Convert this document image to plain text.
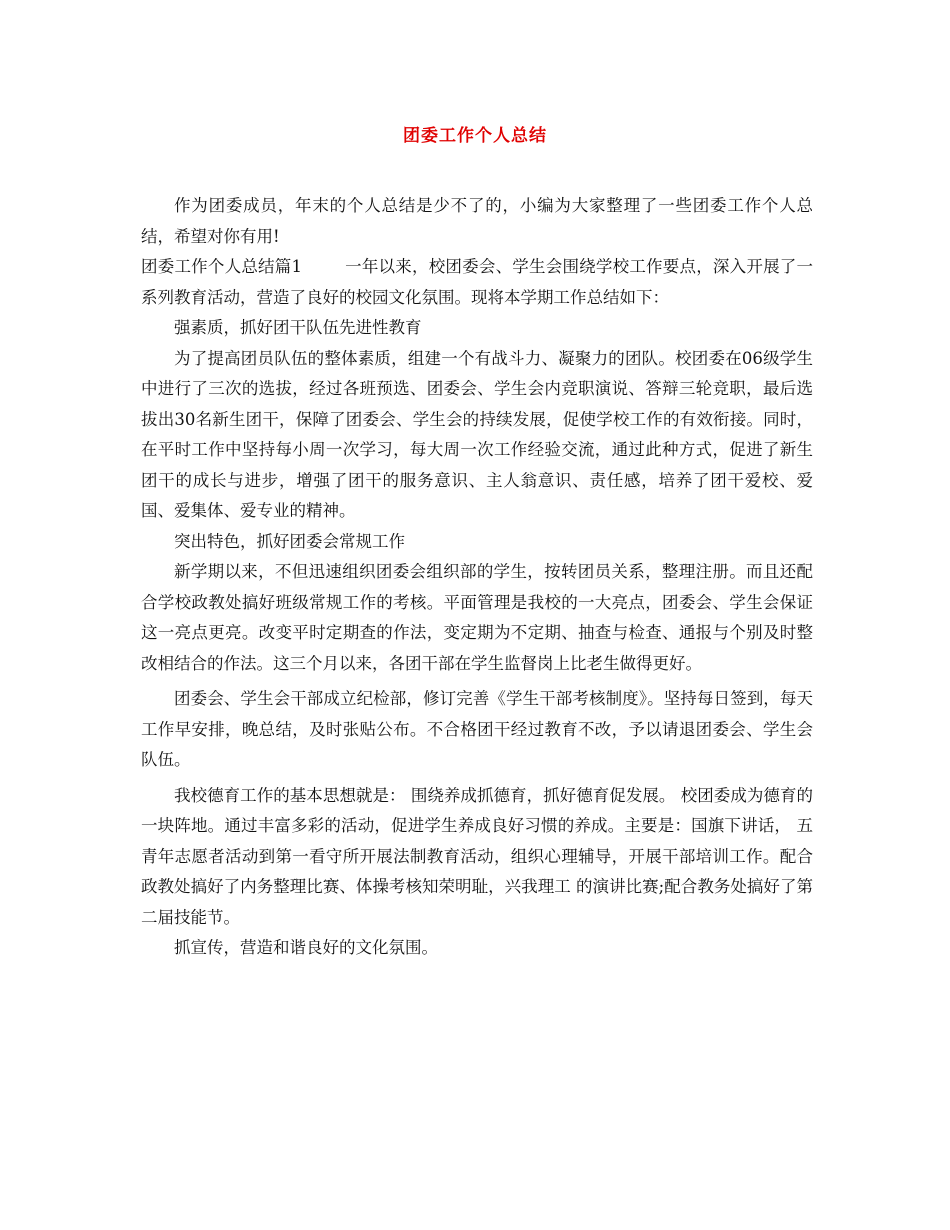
团委工作个人总结

作为团委成员，年末的个人总结是少不了的，小编为大家整理了一些团委工作个人总结，希望对你有用!

团委工作个人总结篇1	一年以来，校团委会、学生会围绕学校工作要点，深入开展了一系列教育活动，营造了良好的校园文化氛围。现将本学期工作总结如下：

强素质，抓好团干队伍先进性教育

为了提高团员队伍的整体素质，组建一个有战斗力、凝聚力的团队。校团委在06级学生中进行了三次的选拔，经过各班预选、团委会、学生会内竞职演说、答辩三轮竞职，最后选拔出30名新生团干，保障了团委会、学生会的持续发展，促使学校工作的有效衔接。同时，在平时工作中坚持每小周一次学习，每大周一次工作经验交流，通过此种方式，促进了新生团干的成长与进步，增强了团干的服务意识、主人翁意识、责任感，培养了团干爱校、爱国、爱集体、爱专业的精神。

突出特色，抓好团委会常规工作

新学期以来，不但迅速组织团委会组织部的学生，按转团员关系，整理注册。而且还配合学校政教处搞好班级常规工作的考核。平面管理是我校的一大亮点，团委会、学生会保证这一亮点更亮。改变平时定期查的作法，变定期为不定期、抽查与检查、通报与个别及时整改相结合的作法。这三个月以来，各团干部在学生监督岗上比老生做得更好。

团委会、学生会干部成立纪检部，修订完善《学生干部考核制度》。坚持每日签到，每天工作早安排，晚总结，及时张贴公布。不合格团干经过教育不改，予以请退团委会、学生会队伍。

我校德育工作的基本思想就是： 围绕养成抓德育，抓好德育促发展。 校团委成为德育的一块阵地。通过丰富多彩的活动，促进学生养成良好习惯的养成。主要是：国旗下讲话， 五 青年志愿者活动到第一看守所开展法制教育活动，组织心理辅导，开展干部培训工作。配合政教处搞好了内务整理比赛、体操考核知荣明耻，兴我理工 的演讲比赛;配合教务处搞好了第二届技能节。

抓宣传，营造和谐良好的文化氛围。
